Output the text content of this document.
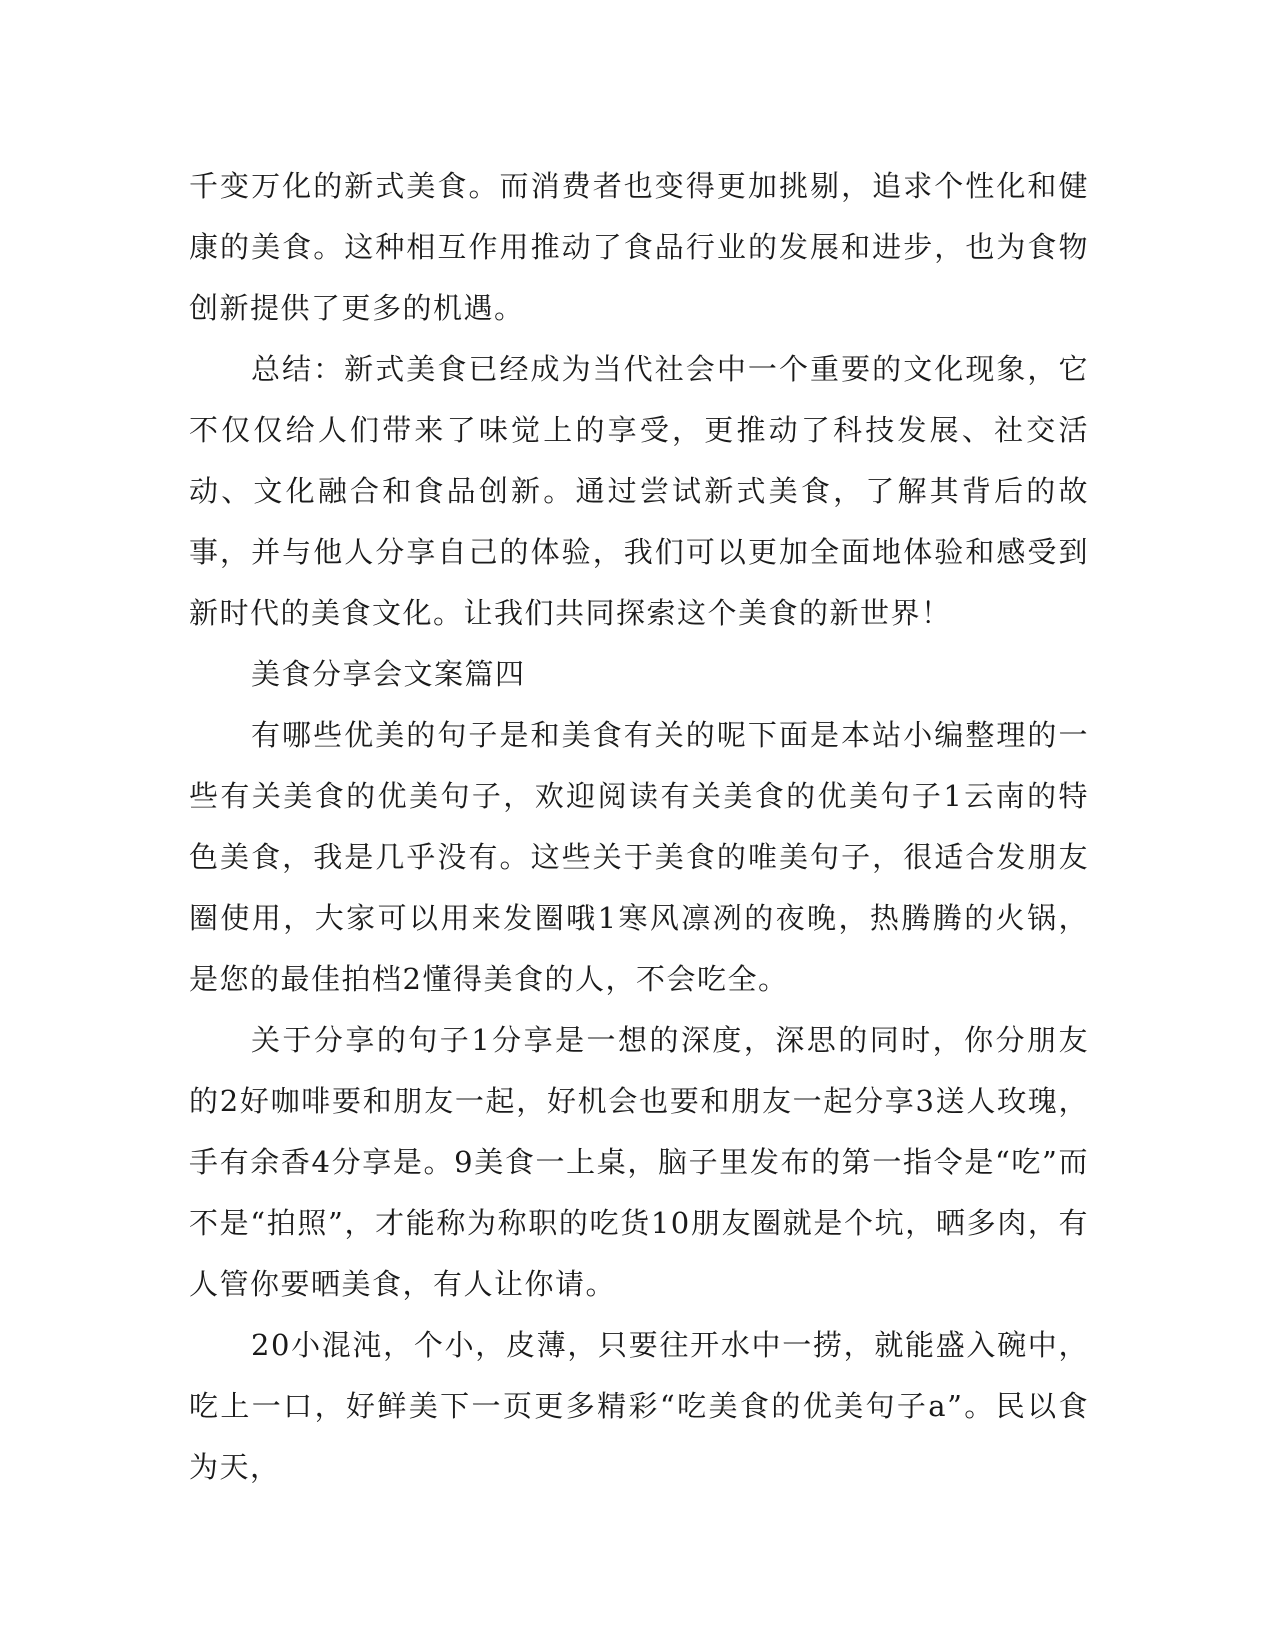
千变万化的新式美食。而消费者也变得更加挑剔，追求个性化和健康的美食。这种相互作用推动了食品行业的发展和进步，也为食物创新提供了更多的机遇。

总结：新式美食已经成为当代社会中一个重要的文化现象，它不仅仅给人们带来了味觉上的享受，更推动了科技发展、社交活动、文化融合和食品创新。通过尝试新式美食，了解其背后的故事，并与他人分享自己的体验，我们可以更加全面地体验和感受到新时代的美食文化。让我们共同探索这个美食的新世界！

美食分享会文案篇四

有哪些优美的句子是和美食有关的呢下面是本站小编整理的一些有关美食的优美句子，欢迎阅读有关美食的优美句子1云南的特色美食，我是几乎没有。这些关于美食的唯美句子，很适合发朋友圈使用，大家可以用来发圈哦1寒风凛冽的夜晚，热腾腾的火锅，是您的最佳拍档2懂得美食的人，不会吃全。

关于分享的句子1分享是一想的深度，深思的同时，你分朋友的2好咖啡要和朋友一起，好机会也要和朋友一起分享3送人玫瑰，手有余香4分享是。9美食一上桌，脑子里发布的第一指令是“吃”而不是“拍照”，才能称为称职的吃货10朋友圈就是个坑，晒多肉，有人管你要晒美食，有人让你请。

20小混沌，个小，皮薄，只要往开水中一捞，就能盛入碗中，吃上一口，好鲜美下一页更多精彩“吃美食的优美句子a”。民以食为天，
